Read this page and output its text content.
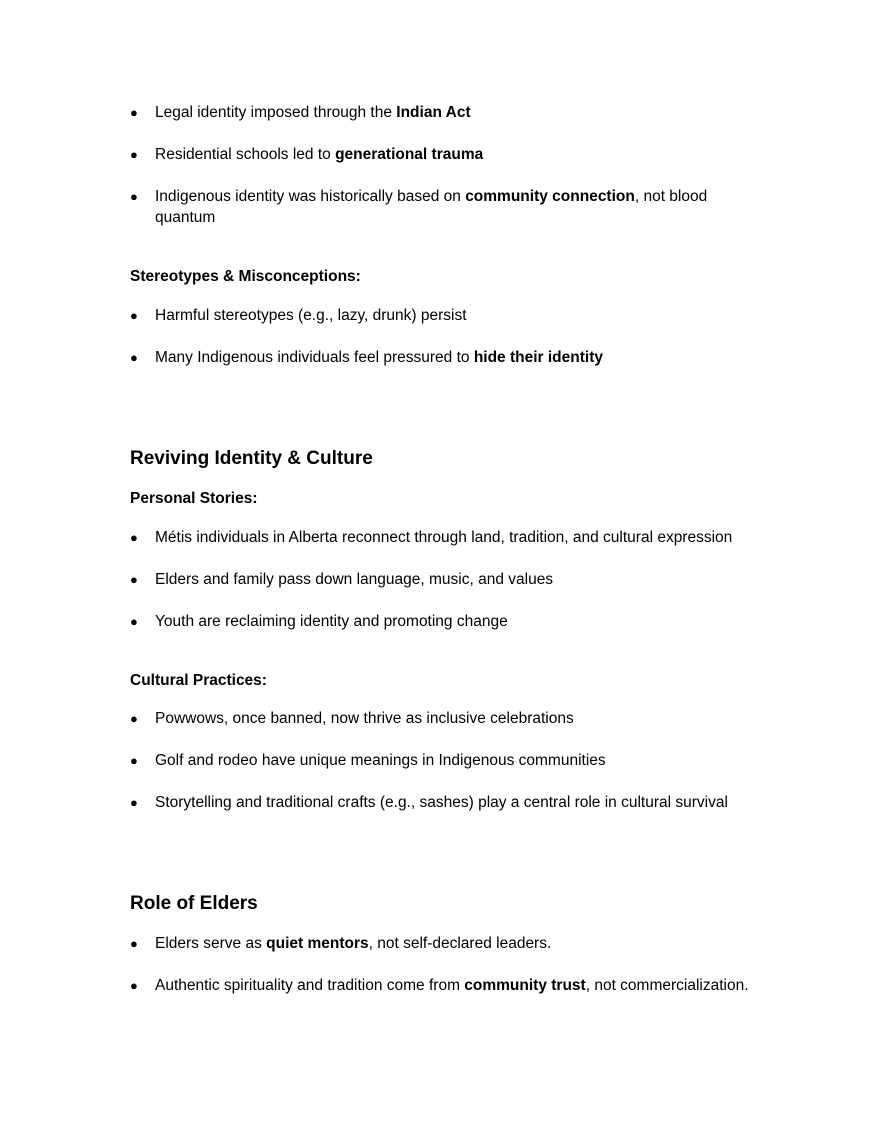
● Legal identity imposed through the Indian Act
● Residential schools led to generational trauma
● Indigenous identity was historically based on community connection, not blood quantum
Stereotypes & Misconceptions:
● Harmful stereotypes (e.g., lazy, drunk) persist
● Many Indigenous individuals feel pressured to hide their identity
Reviving Identity & Culture
Personal Stories:
● Métis individuals in Alberta reconnect through land, tradition, and cultural expression
● Elders and family pass down language, music, and values
● Youth are reclaiming identity and promoting change
Cultural Practices:
● Powwows, once banned, now thrive as inclusive celebrations
● Golf and rodeo have unique meanings in Indigenous communities
● Storytelling and traditional crafts (e.g., sashes) play a central role in cultural survival
Role of Elders
● Elders serve as quiet mentors, not self-declared leaders.
● Authentic spirituality and tradition come from community trust, not commercialization.
